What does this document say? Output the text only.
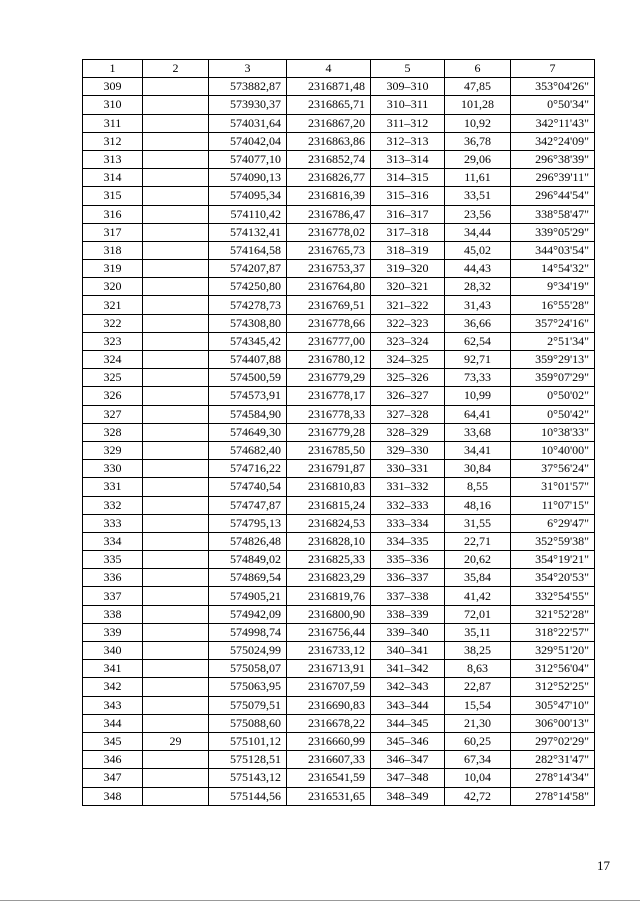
1	2	3	4	5	6	7
309		573882,87	2316871,48	309–310	47,85	353°04'26"
310		573930,37	2316865,71	310–311	101,28	0°50'34"
311		574031,64	2316867,20	311–312	10,92	342°11'43"
312		574042,04	2316863,86	312–313	36,78	342°24'09"
313		574077,10	2316852,74	313–314	29,06	296°38'39"
314		574090,13	2316826,77	314–315	11,61	296°39'11"
315		574095,34	2316816,39	315–316	33,51	296°44'54"
316		574110,42	2316786,47	316–317	23,56	338°58'47"
317		574132,41	2316778,02	317–318	34,44	339°05'29"
318		574164,58	2316765,73	318–319	45,02	344°03'54"
319		574207,87	2316753,37	319–320	44,43	14°54'32"
320		574250,80	2316764,80	320–321	28,32	9°34'19"
321		574278,73	2316769,51	321–322	31,43	16°55'28"
322		574308,80	2316778,66	322–323	36,66	357°24'16"
323		574345,42	2316777,00	323–324	62,54	2°51'34"
324		574407,88	2316780,12	324–325	92,71	359°29'13"
325		574500,59	2316779,29	325–326	73,33	359°07'29"
326		574573,91	2316778,17	326–327	10,99	0°50'02"
327		574584,90	2316778,33	327–328	64,41	0°50'42"
328		574649,30	2316779,28	328–329	33,68	10°38'33"
329		574682,40	2316785,50	329–330	34,41	10°40'00"
330		574716,22	2316791,87	330–331	30,84	37°56'24"
331		574740,54	2316810,83	331–332	8,55	31°01'57"
332		574747,87	2316815,24	332–333	48,16	11°07'15"
333		574795,13	2316824,53	333–334	31,55	6°29'47"
334		574826,48	2316828,10	334–335	22,71	352°59'38"
335		574849,02	2316825,33	335–336	20,62	354°19'21"
336		574869,54	2316823,29	336–337	35,84	354°20'53"
337		574905,21	2316819,76	337–338	41,42	332°54'55"
338		574942,09	2316800,90	338–339	72,01	321°52'28"
339		574998,74	2316756,44	339–340	35,11	318°22'57"
340		575024,99	2316733,12	340–341	38,25	329°51'20"
341		575058,07	2316713,91	341–342	8,63	312°56'04"
342		575063,95	2316707,59	342–343	22,87	312°52'25"
343		575079,51	2316690,83	343–344	15,54	305°47'10"
344		575088,60	2316678,22	344–345	21,30	306°00'13"
345	29	575101,12	2316660,99	345–346	60,25	297°02'29"
346		575128,51	2316607,33	346–347	67,34	282°31'47"
347		575143,12	2316541,59	347–348	10,04	278°14'34"
348		575144,56	2316531,65	348–349	42,72	278°14'58"
17
